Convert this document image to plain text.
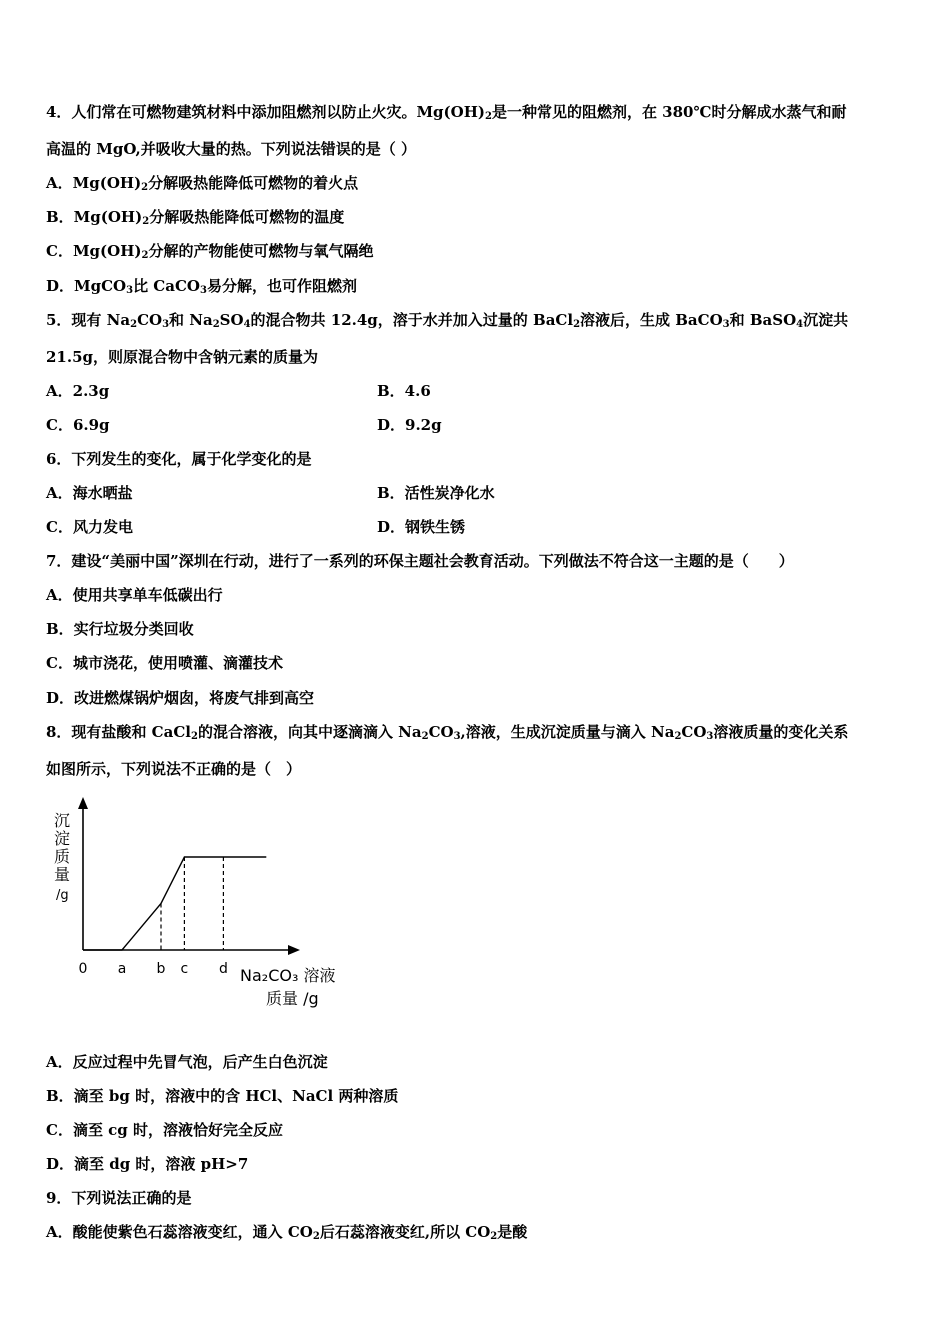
4．人们常在可燃物建筑材料中添加阻燃剂以防止火灾。$Mg(OH)_2$是一种常见的阻燃剂，在 380℃时分解成水蒸气和耐
高温的 MgO,并吸收大量的热。下列说法错误的是（ ）
A．$Mg(OH)_2$分解吸热能降低可燃物的着火点
B．$Mg(OH)_2$分解吸热能降低可燃物的温度
C．$Mg(OH)_2$分解的产物能使可燃物与氧气隔绝
D．MgCO$_3$比 CaCO$_3$易分解，也可作阻燃剂
5．现有 $Na_2CO_3$和 $Na_2SO_4$的混合物共 12.4g，溶于水并加入过量的 BaCl$_2$溶液后，生成 BaCO$_3$和 BaSO$_4$沉淀共
21.5g，则原混合物中含钠元素的质量为
A．2.3g	B．4.6
C．6.9g	D．9.2g
6．下列发生的变化，属于化学变化的是
A．海水晒盐	B．活性炭净化水
C．风力发电	D．钢铁生锈
7．建设“美丽中国”深圳在行动，进行了一系列的环保主题社会教育活动。下列做法不符合这一主题的是（　　）
A．使用共享单车低碳出行
B．实行垃圾分类回收
C．城市浇花，使用喷灌、滴灌技术
D．改进燃煤锅炉烟囱，将废气排到高空
8．现有盐酸和 CaCl$_2$的混合溶液，向其中逐滴滴入 $Na_2CO_3$,溶液，生成沉淀质量与滴入 $Na_2CO_3$溶液质量的变化关系
如图所示，下列说法不正确的是（　）
沉
淀
质
量
/g
0 a b c d Na₂CO₃ 溶液
质量 /g
A．反应过程中先冒气泡，后产生白色沉淀
B．滴至 bg 时，溶液中的含 HCl、NaCl 两种溶质
C．滴至 cg 时，溶液恰好完全反应
D．滴至 dg 时，溶液 pH>7
9．下列说法正确的是
A．酸能使紫色石蕊溶液变红，通入 $CO_2$后石蕊溶液变红,所以 $CO_2$是酸
